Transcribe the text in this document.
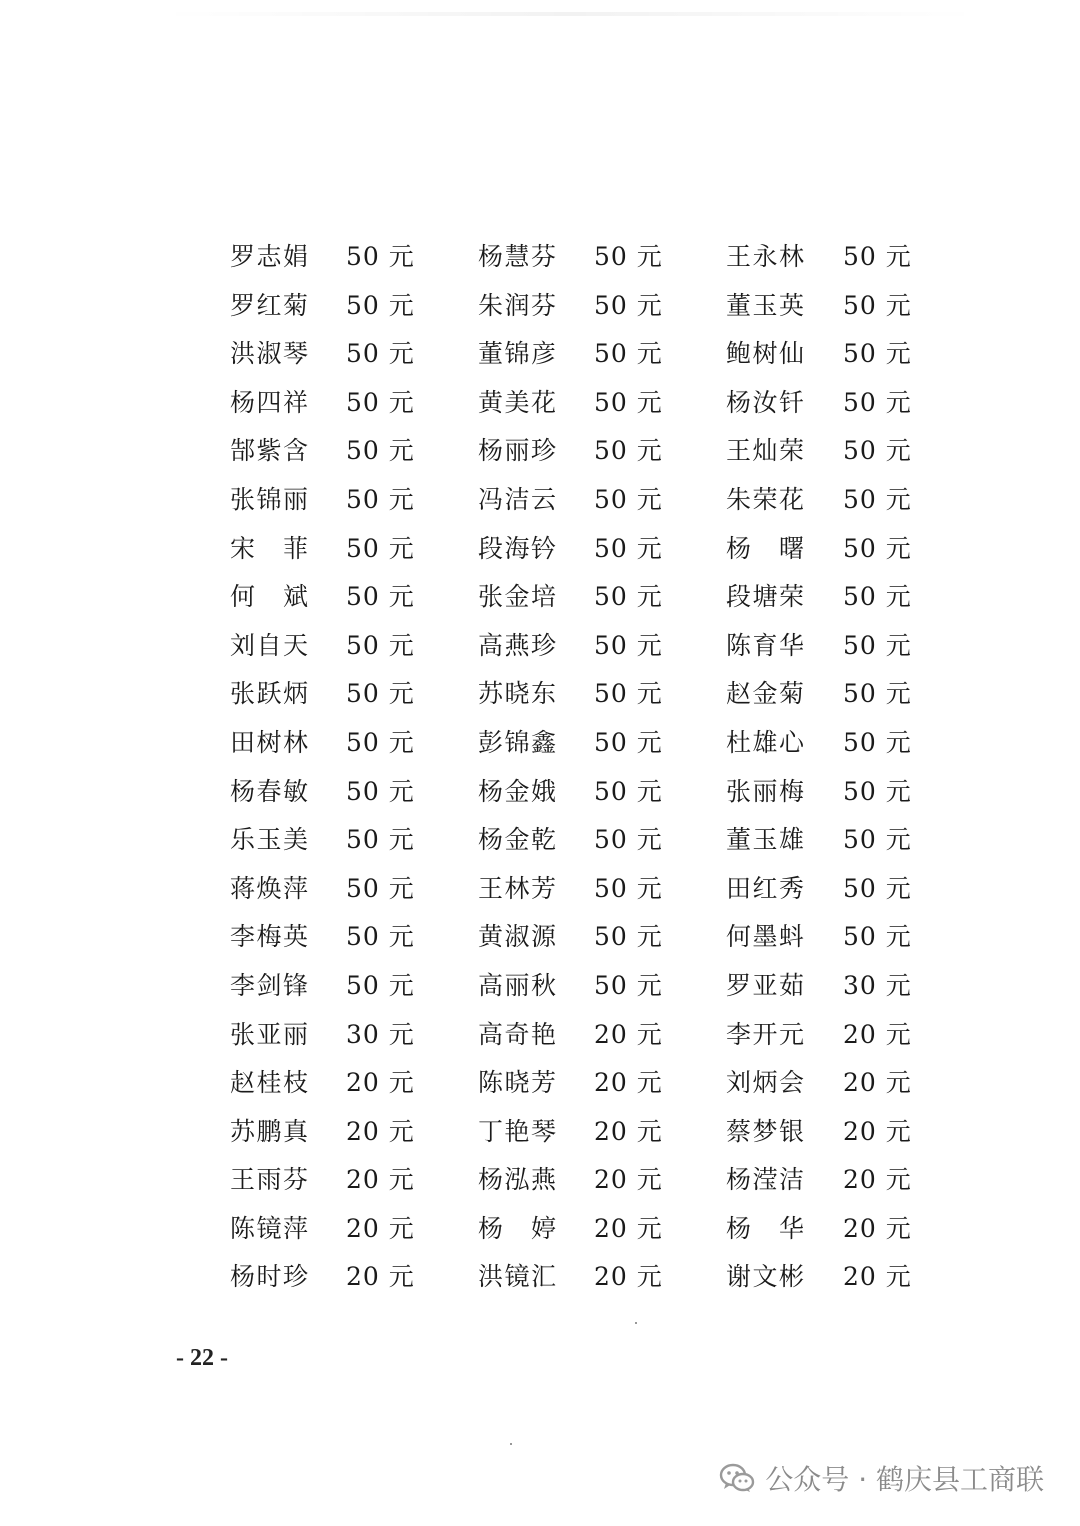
罗 志 娟 50 元	杨 慧 芬 50 元	王 永 林 50 元
罗 红 菊 50 元	朱 润 芬 50 元	董 玉 英 50 元
洪 淑 琴 50 元	董 锦 彦 50 元	鲍 树 仙 50 元
杨 四 祥 50 元	黄 美 花 50 元	杨 汝 钎 50 元
郜 紫 含 50 元	杨 丽 珍 50 元	王 灿 荣 50 元
张 锦 丽 50 元	冯 洁 云 50 元	朱 荣 花 50 元
宋 菲 50 元	段 海 钤 50 元	杨 曙 50 元
何 斌 50 元	张 金 培 50 元	段 塘 荣 50 元
刘 自 天 50 元	高 燕 珍 50 元	陈 育 华 50 元
张 跃 炳 50 元	苏 晓 东 50 元	赵 金 菊 50 元
田 树 林 50 元	彭 锦 鑫 50 元	杜 雄 心 50 元
杨 春 敏 50 元	杨 金 娥 50 元	张 丽 梅 50 元
乐 玉 美 50 元	杨 金 乾 50 元	董 玉 雄 50 元
蒋 焕 萍 50 元	王 林 芳 50 元	田 红 秀 50 元
李 梅 英 50 元	黄 淑 源 50 元	何 墨 蚪 50 元
李 剑 锋 50 元	高 丽 秋 50 元	罗 亚 茹 30 元
张 亚 丽 30 元	高 奇 艳 20 元	李 开 元 20 元
赵 桂 枝 20 元	陈 晓 芳 20 元	刘 炳 会 20 元
苏 鹏 真 20 元	丁 艳 琴 20 元	蔡 梦 银 20 元
王 雨 芬 20 元	杨 泓 燕 20 元	杨 滢 洁 20 元
陈 镜 萍 20 元	杨 婷 20 元	杨 华 20 元
杨 时 珍 20 元	洪 镜 汇 20 元	谢 文 彬 20 元
- 22 -
公众号 · 鹤庆县工商联
